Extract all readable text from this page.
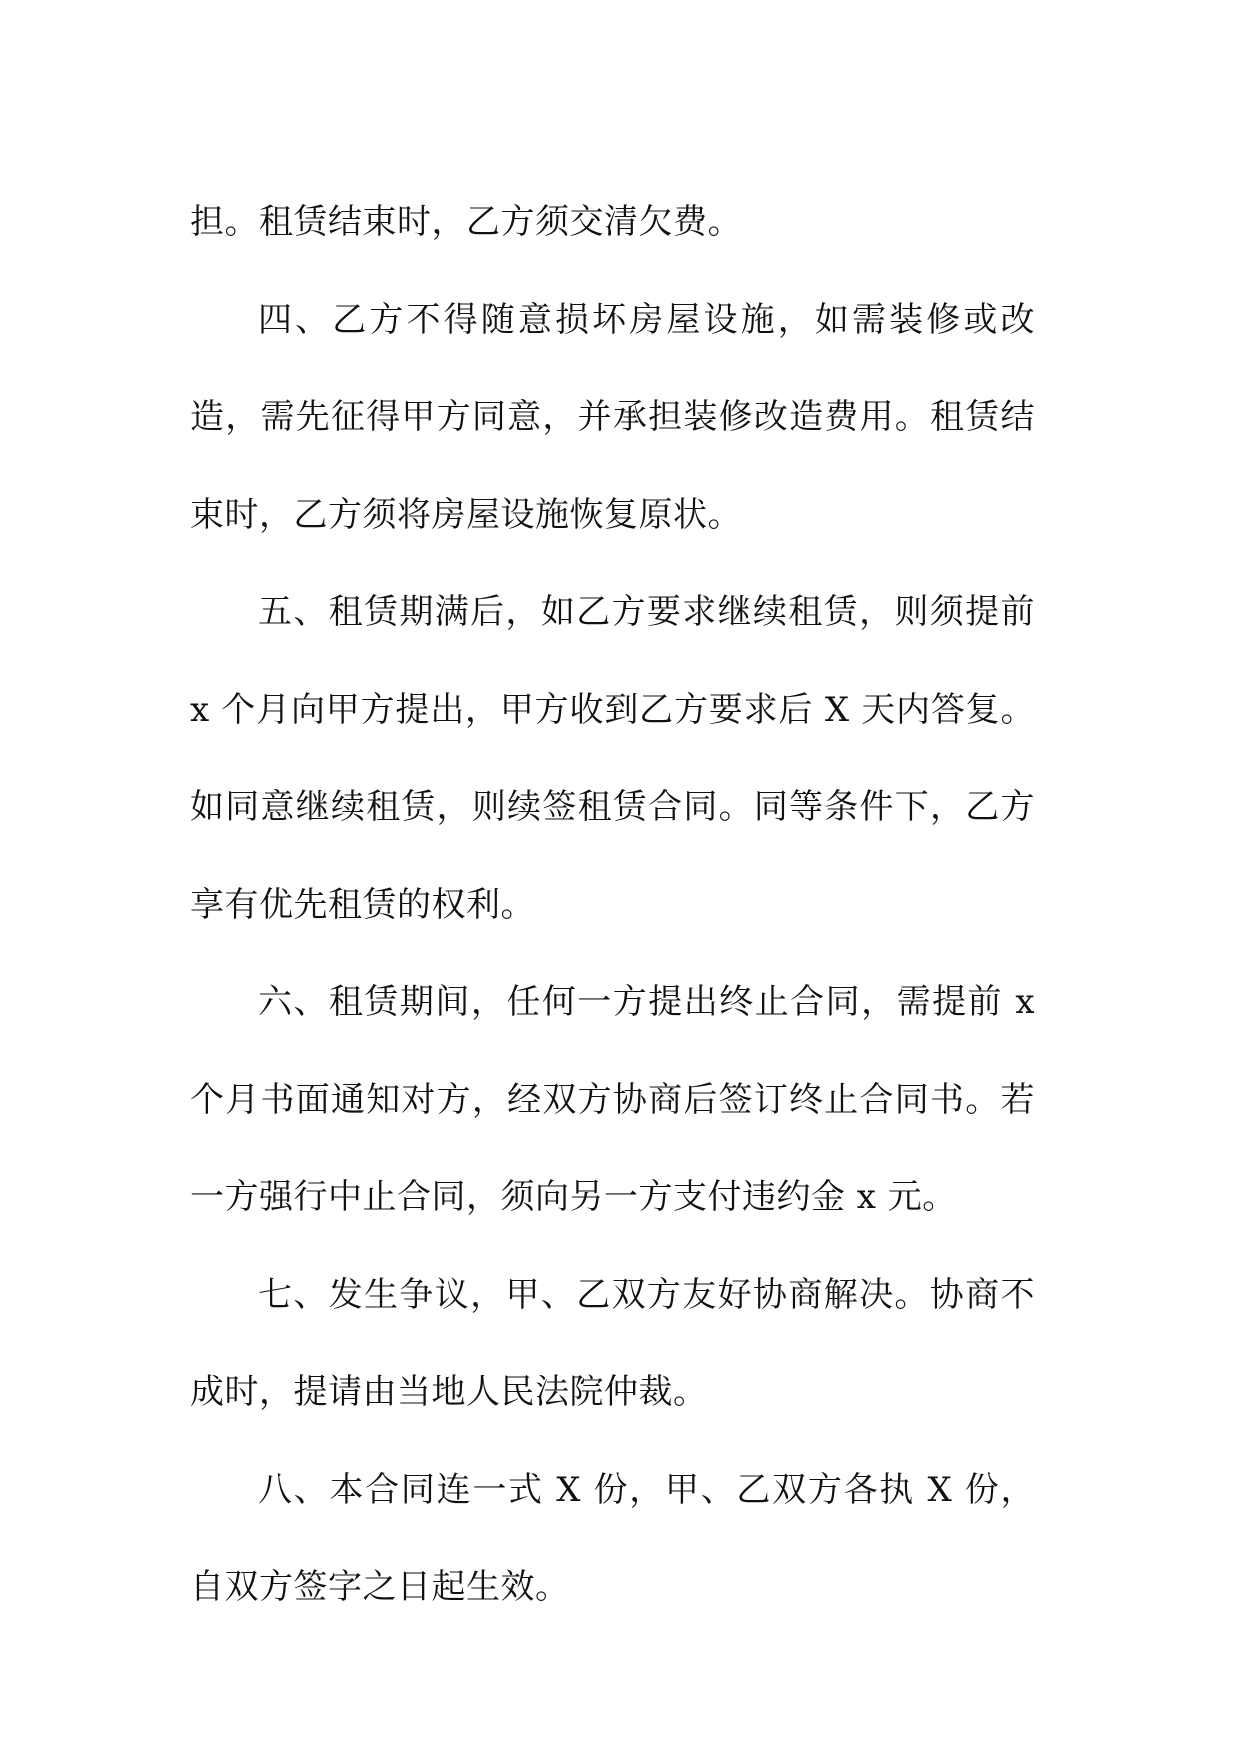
担。租赁结束时，乙方须交清欠费。

四、乙方不得随意损坏房屋设施，如需装修或改造，需先征得甲方同意，并承担装修改造费用。租赁结束时，乙方须将房屋设施恢复原状。

五、租赁期满后，如乙方要求继续租赁，则须提前 x 个月向甲方提出，甲方收到乙方要求后 X 天内答复。如同意继续租赁，则续签租赁合同。同等条件下，乙方享有优先租赁的权利。

六、租赁期间，任何一方提出终止合同，需提前 x 个月书面通知对方，经双方协商后签订终止合同书。若一方强行中止合同，须向另一方支付违约金 x 元。

七、发生争议，甲、乙双方友好协商解决。协商不成时，提请由当地人民法院仲裁。

八、本合同连一式 X 份，甲、乙双方各执 X 份，自双方签字之日起生效。
